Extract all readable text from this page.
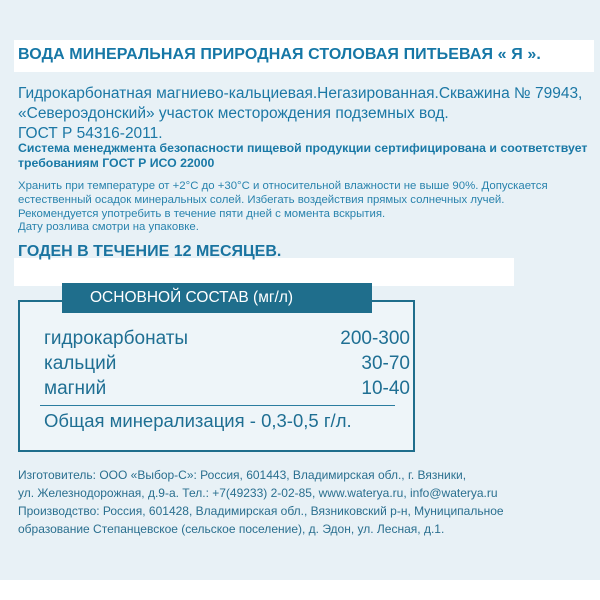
ВОДА МИНЕРАЛЬНАЯ ПРИРОДНАЯ СТОЛОВАЯ ПИТЬЕВАЯ « Я ».

Гидрокарбонатная магниево-кальциевая.Негазированная.Скважина № 79943,

«Североэдонский» участок месторождения подземных вод.

ГОСТ Р 54316-2011.

Система менеджмента безопасности пищевой продукции сертифицирована и соответствует

требованиям ГОСТ Р ИСО 22000

Хранить при температуре от +2°С до +30°С и относительной влажности не выше 90%. Допускается

естественный осадок минеральных солей. Избегать воздействия прямых солнечных лучей.

Рекомендуется употребить в течение пяти дней с момента вскрытия.

Дату розлива смотри на упаковке.

ГОДЕН В ТЕЧЕНИЕ 12 МЕСЯЦЕВ.

ОСНОВНОЙ СОСТАВ (мг/л)
гидрокарбонаты	200-300
кальций	30-70
магний	10-40
Общая минерализация - 0,3-0,5 г/л.

Изготовитель: ООО «Выбор-С»: Россия, 601443, Владимирская обл., г. Вязники,

ул. Железнодорожная, д.9-а. Тел.: +7(49233) 2-02-85, www.waterya.ru, info@waterya.ru

Производство: Россия, 601428, Владимирская обл., Вязниковский р-н, Муниципальное

образование Степанцевское (сельское поселение), д. Эдон, ул. Лесная, д.1.
